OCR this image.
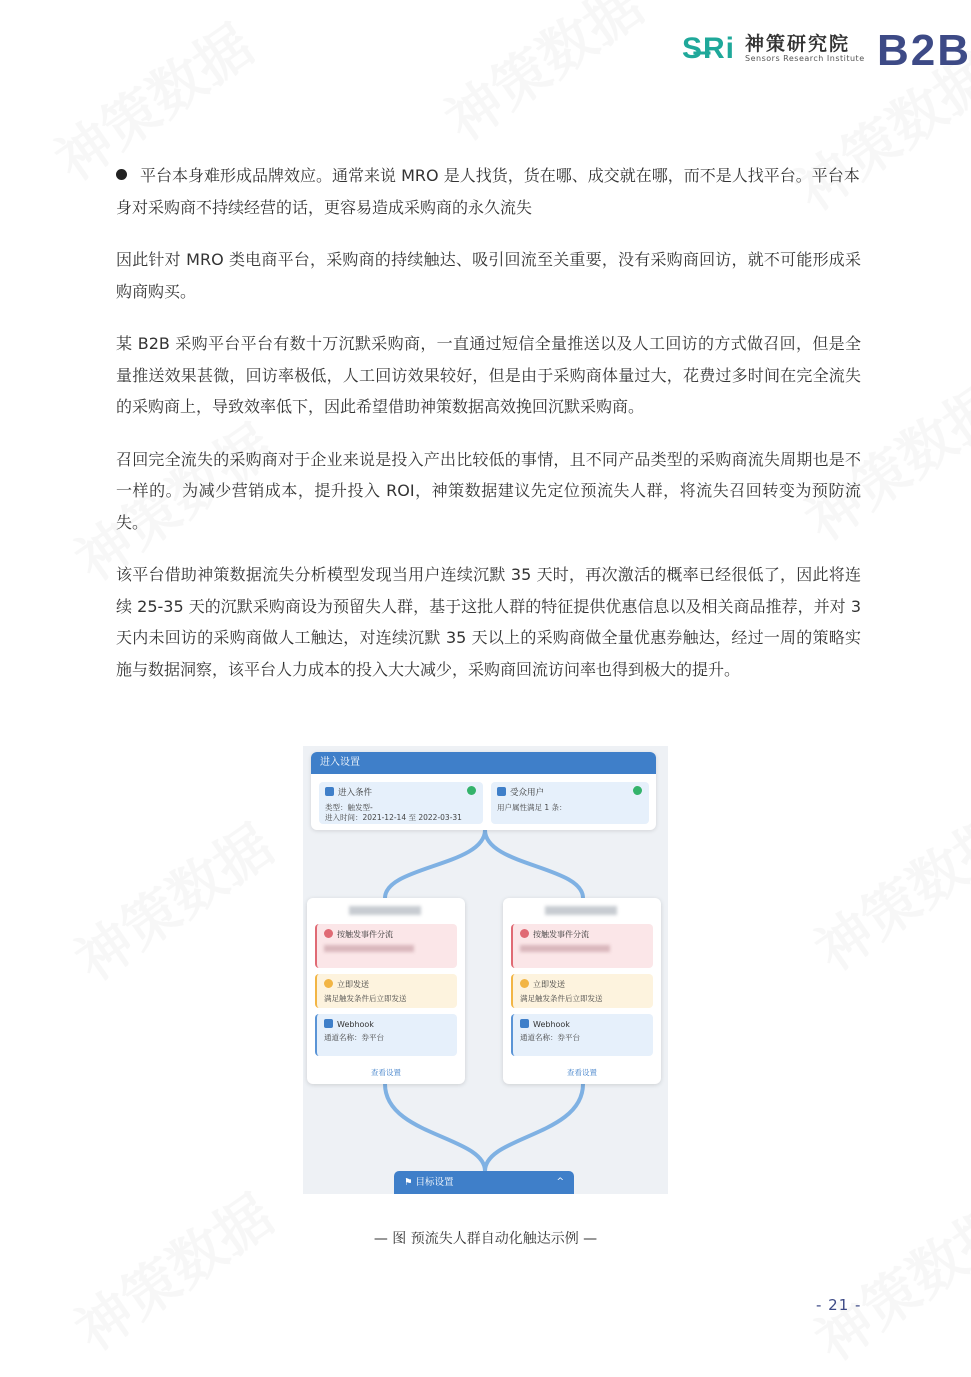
S̶Ri 神策研究院
Sensors Research Institute B2B

平台本身难形成品牌效应。通常来说 MRO 是人找货，货在哪、成交就在哪，而不是人找平台。平台本身对采购商不持续经营的话，更容易造成采购商的永久流失

因此针对 MRO 类电商平台，采购商的持续触达、吸引回流至关重要，没有采购商回访，就不可能形成采购商购买。

某 B2B 采购平台平台有数十万沉默采购商，一直通过短信全量推送以及人工回访的方式做召回，但是全量推送效果甚微，回访率极低，人工回访效果较好，但是由于采购商体量过大，花费过多时间在完全流失的采购商上，导致效率低下，因此希望借助神策数据高效挽回沉默采购商。

召回完全流失的采购商对于企业来说是投入产出比较低的事情，且不同产品类型的采购商流失周期也是不一样的。为减少营销成本，提升投入 ROI，神策数据建议先定位预流失人群，将流失召回转变为预防流失。

该平台借助神策数据流失分析模型发现当用户连续沉默 35 天时，再次激活的概率已经很低了，因此将连续 25-35 天的沉默采购商设为预留失人群，基于这批人群的特征提供优惠信息以及相关商品推荐，并对 3 天内未回访的采购商做人工触达，对连续沉默 35 天以上的采购商做全量优惠券触达，经过一周的策略实施与数据洞察，该平台人力成本的投入大大减少，采购商回流访问率也得到极大的提升。

进入设置
进入条件
类型：触发型-
进入时间：2021-12-14 至 2022-03-31
受众用户
用户属性满足 1 条：
按触发事件分流
立即发送
满足触发条件后立即发送
Webhook
通道名称：券平台
查看设置
按触发事件分流
立即发送
满足触发条件后立即发送
Webhook
通道名称：券平台
查看设置
⚑ 目标设置	^
— 图 预流失人群自动化触达示例 —
- 21 -
